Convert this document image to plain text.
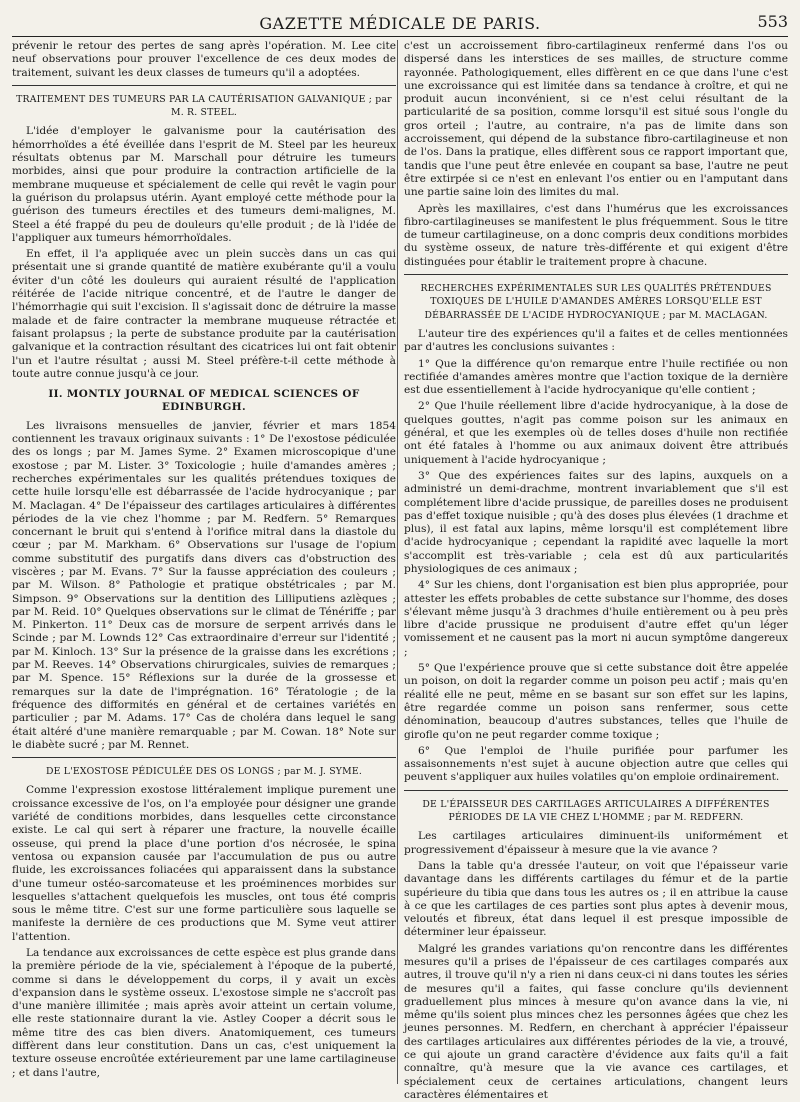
GAZETTE MÉDICALE DE PARIS.	553

prévenir le retour des pertes de sang après l'opération. M. Lee cite neuf observations pour prouver l'excellence de ces deux modes de traitement, suivant les deux classes de tumeurs qu'il a adoptées.

TRAITEMENT DES TUMEURS PAR LA CAUTÉRISATION GALVANIQUE ; par M. R. STEEL.

L'idée d'employer le galvanisme pour la cautérisation des hémorrhoïdes a été éveillée dans l'esprit de M. Steel par les heureux résultats obtenus par M. Marschall pour détruire les tumeurs morbides, ainsi que pour produire la contraction artificielle de la membrane muqueuse et spécialement de celle qui revêt le vagin pour la guérison du prolapsus utérin. Ayant employé cette méthode pour la guérison des tumeurs érectiles et des tumeurs demi-malignes, M. Steel a été frappé du peu de douleurs qu'elle produit ; de là l'idée de l'appliquer aux tumeurs hémorrhoïdales.

En effet, il l'a appliquée avec un plein succès dans un cas qui présentait une si grande quantité de matière exubérante qu'il a voulu éviter d'un côté les douleurs qui auraient résulté de l'application réitérée de l'acide nitrique concentré, et de l'autre le danger de l'hémorrhagie qui suit l'excision. Il s'agissait donc de détruire la masse malade et de faire contracter la membrane muqueuse rétractée et faisant prolapsus ; la perte de substance produite par la cautérisation galvanique et la contraction résultant des cicatrices lui ont fait obtenir l'un et l'autre résultat ; aussi M. Steel préfère-t-il cette méthode à toute autre connue jusqu'à ce jour.

II. MONTLY JOURNAL OF MEDICAL SCIENCES OF EDINBURGH.

Les livraisons mensuelles de janvier, février et mars 1854 contiennent les travaux originaux suivants : 1° De l'exostose pédiculée des os longs ; par M. James Syme. 2° Examen microscopique d'une exostose ; par M. Lister. 3° Toxicologie ; huile d'amandes amères ; recherches expérimentales sur les qualités prétendues toxiques de cette huile lorsqu'elle est débarrassée de l'acide hydrocyanique ; par M. Maclagan. 4° De l'épaisseur des cartilages articulaires à différentes périodes de la vie chez l'homme ; par M. Redfern. 5° Remarques concernant le bruit qui s'entend à l'orifice mitral dans la diastole du cœur ; par M. Markham. 6° Observations sur l'usage de l'opium comme substitutif des purgatifs dans divers cas d'obstruction des viscères ; par M. Evans. 7° Sur la fausse appréciation des couleurs ; par M. Wilson. 8° Pathologie et pratique obstétricales ; par M. Simpson. 9° Observations sur la dentition des Lilliputiens azlèques ; par M. Reid. 10° Quelques observations sur le climat de Ténériffe ; par M. Pinkerton. 11° Deux cas de morsure de serpent arrivés dans le Scinde ; par M. Lownds 12° Cas extraordinaire d'erreur sur l'identité ; par M. Kinloch. 13° Sur la présence de la graisse dans les excrétions ; par M. Reeves. 14° Observations chirurgicales, suivies de remarques ; par M. Spence. 15° Réflexions sur la durée de la grossesse et remarques sur la date de l'imprégnation. 16° Tératologie ; de la fréquence des difformités en général et de certaines variétés en particulier ; par M. Adams. 17° Cas de choléra dans lequel le sang était altéré d'une manière remarquable ; par M. Cowan. 18° Note sur le diabète sucré ; par M. Rennet.

DE L'EXOSTOSE PÉDICULÉE DES OS LONGS ; par M. J. SYME.

Comme l'expression exostose littéralement implique purement une croissance excessive de l'os, on l'a employée pour désigner une grande variété de conditions morbides, dans lesquelles cette circonstance existe. Le cal qui sert à réparer une fracture, la nouvelle écaille osseuse, qui prend la place d'une portion d'os nécrosée, le spina ventosa ou expansion causée par l'accumulation de pus ou autre fluide, les excroissances foliacées qui apparaissent dans la substance d'une tumeur ostéo-sarcomateuse et les proéminences morbides sur lesquelles s'attachent quelquefois les muscles, ont tous été compris sous le même titre. C'est sur une forme particulière sous laquelle se manifeste la dernière de ces productions que M. Syme veut attirer l'attention.

La tendance aux excroissances de cette espèce est plus grande dans la première période de la vie, spécialement à l'époque de la puberté, comme si dans le développement du corps, il y avait un excès d'expansion dans le système osseux. L'exostose simple ne s'accroît pas d'une manière illimitée ; mais après avoir atteint un certain volume, elle reste stationnaire durant la vie. Astley Cooper a décrit sous le même titre des cas bien divers. Anatomiquement, ces tumeurs diffèrent dans leur constitution. Dans un cas, c'est uniquement la texture osseuse encroûtée extérieurement par une lame cartilagineuse ; et dans l'autre,

c'est un accroissement fibro-cartilagineux renfermé dans l'os ou dispersé dans les interstices de ses mailles, de structure comme rayonnée. Pathologiquement, elles diffèrent en ce que dans l'une c'est une excroissance qui est limitée dans sa tendance à croître, et qui ne produit aucun inconvénient, si ce n'est celui résultant de la particularité de sa position, comme lorsqu'il est situé sous l'ongle du gros orteil ; l'autre, au contraire, n'a pas de limite dans son accroissement, qui dépend de la substance fibro-cartilagineuse et non de l'os. Dans la pratique, elles diffèrent sous ce rapport important que, tandis que l'une peut être enlevée en coupant sa base, l'autre ne peut être extirpée si ce n'est en enlevant l'os entier ou en l'amputant dans une partie saine loin des limites du mal.

Après les maxillaires, c'est dans l'humérus que les excroissances fibro-cartilagineuses se manifestent le plus fréquemment. Sous le titre de tumeur cartilagineuse, on a donc compris deux conditions morbides du système osseux, de nature très-différente et qui exigent d'être distinguées pour établir le traitement propre à chacune.

RECHERCHES EXPÉRIMENTALES SUR LES QUALITÉS PRÉTENDUES TOXIQUES DE L'HUILE D'AMANDES AMÈRES LORSQU'ELLE EST DÉBARRASSÉE DE L'ACIDE HYDROCYANIQUE ; par M. MACLAGAN.

L'auteur tire des expériences qu'il a faites et de celles mentionnées par d'autres les conclusions suivantes :

1° Que la différence qu'on remarque entre l'huile rectifiée ou non rectifiée d'amandes amères montre que l'action toxique de la dernière est due essentiellement à l'acide hydrocyanique qu'elle contient ;

2° Que l'huile réellement libre d'acide hydrocyanique, à la dose de quelques gouttes, n'agit pas comme poison sur les animaux en général, et que les exemples où de telles doses d'huile non rectifiée ont été fatales à l'homme ou aux animaux doivent être attribués uniquement à l'acide hydrocyanique ;

3° Que des expériences faites sur des lapins, auxquels on a administré un demi-drachme, montrent invariablement que s'il est complétement libre d'acide prussique, de pareilles doses ne produisent pas d'effet toxique nuisible ; qu'à des doses plus élevées (1 drachme et plus), il est fatal aux lapins, même lorsqu'il est complétement libre d'acide hydrocyanique ; cependant la rapidité avec laquelle la mort s'accomplit est très-variable ; cela est dû aux particularités physiologiques de ces animaux ;

4° Sur les chiens, dont l'organisation est bien plus appropriée, pour attester les effets probables de cette substance sur l'homme, des doses s'élevant même jusqu'à 3 drachmes d'huile entièrement ou à peu près libre d'acide prussique ne produisent d'autre effet qu'un léger vomissement et ne causent pas la mort ni aucun symptôme dangereux ;

5° Que l'expérience prouve que si cette substance doit être appelée un poison, on doit la regarder comme un poison peu actif ; mais qu'en réalité elle ne peut, même en se basant sur son effet sur les lapins, être regardée comme un poison sans renfermer, sous cette dénomination, beaucoup d'autres substances, telles que l'huile de girofle qu'on ne peut regarder comme toxique ;

6° Que l'emploi de l'huile purifiée pour parfumer les assaisonnements n'est sujet à aucune objection autre que celles qui peuvent s'appliquer aux huiles volatiles qu'on emploie ordinairement.

DE L'ÉPAISSEUR DES CARTILAGES ARTICULAIRES A DIFFÉRENTES PÉRIODES DE LA VIE CHEZ L'HOMME ; par M. REDFERN.

Les cartilages articulaires diminuent-ils uniformément et progressivement d'épaisseur à mesure que la vie avance ?

Dans la table qu'a dressée l'auteur, on voit que l'épaisseur varie davantage dans les différents cartilages du fémur et de la partie supérieure du tibia que dans tous les autres os ; il en attribue la cause à ce que les cartilages de ces parties sont plus aptes à devenir mous, veloutés et fibreux, état dans lequel il est presque impossible de déterminer leur épaisseur.

Malgré les grandes variations qu'on rencontre dans les différentes mesures qu'il a prises de l'épaisseur de ces cartilages comparés aux autres, il trouve qu'il n'y a rien ni dans ceux-ci ni dans toutes les séries de mesures qu'il a faites, qui fasse conclure qu'ils deviennent graduellement plus minces à mesure qu'on avance dans la vie, ni même qu'ils soient plus minces chez les personnes âgées que chez les jeunes personnes. M. Redfern, en cherchant à apprécier l'épaisseur des cartilages articulaires aux différentes périodes de la vie, a trouvé, ce qui ajoute un grand caractère d'évidence aux faits qu'il a fait connaître, qu'à mesure que la vie avance ces cartilages, et spécialement ceux de certaines articulations, changent leurs caractères élémentaires et
